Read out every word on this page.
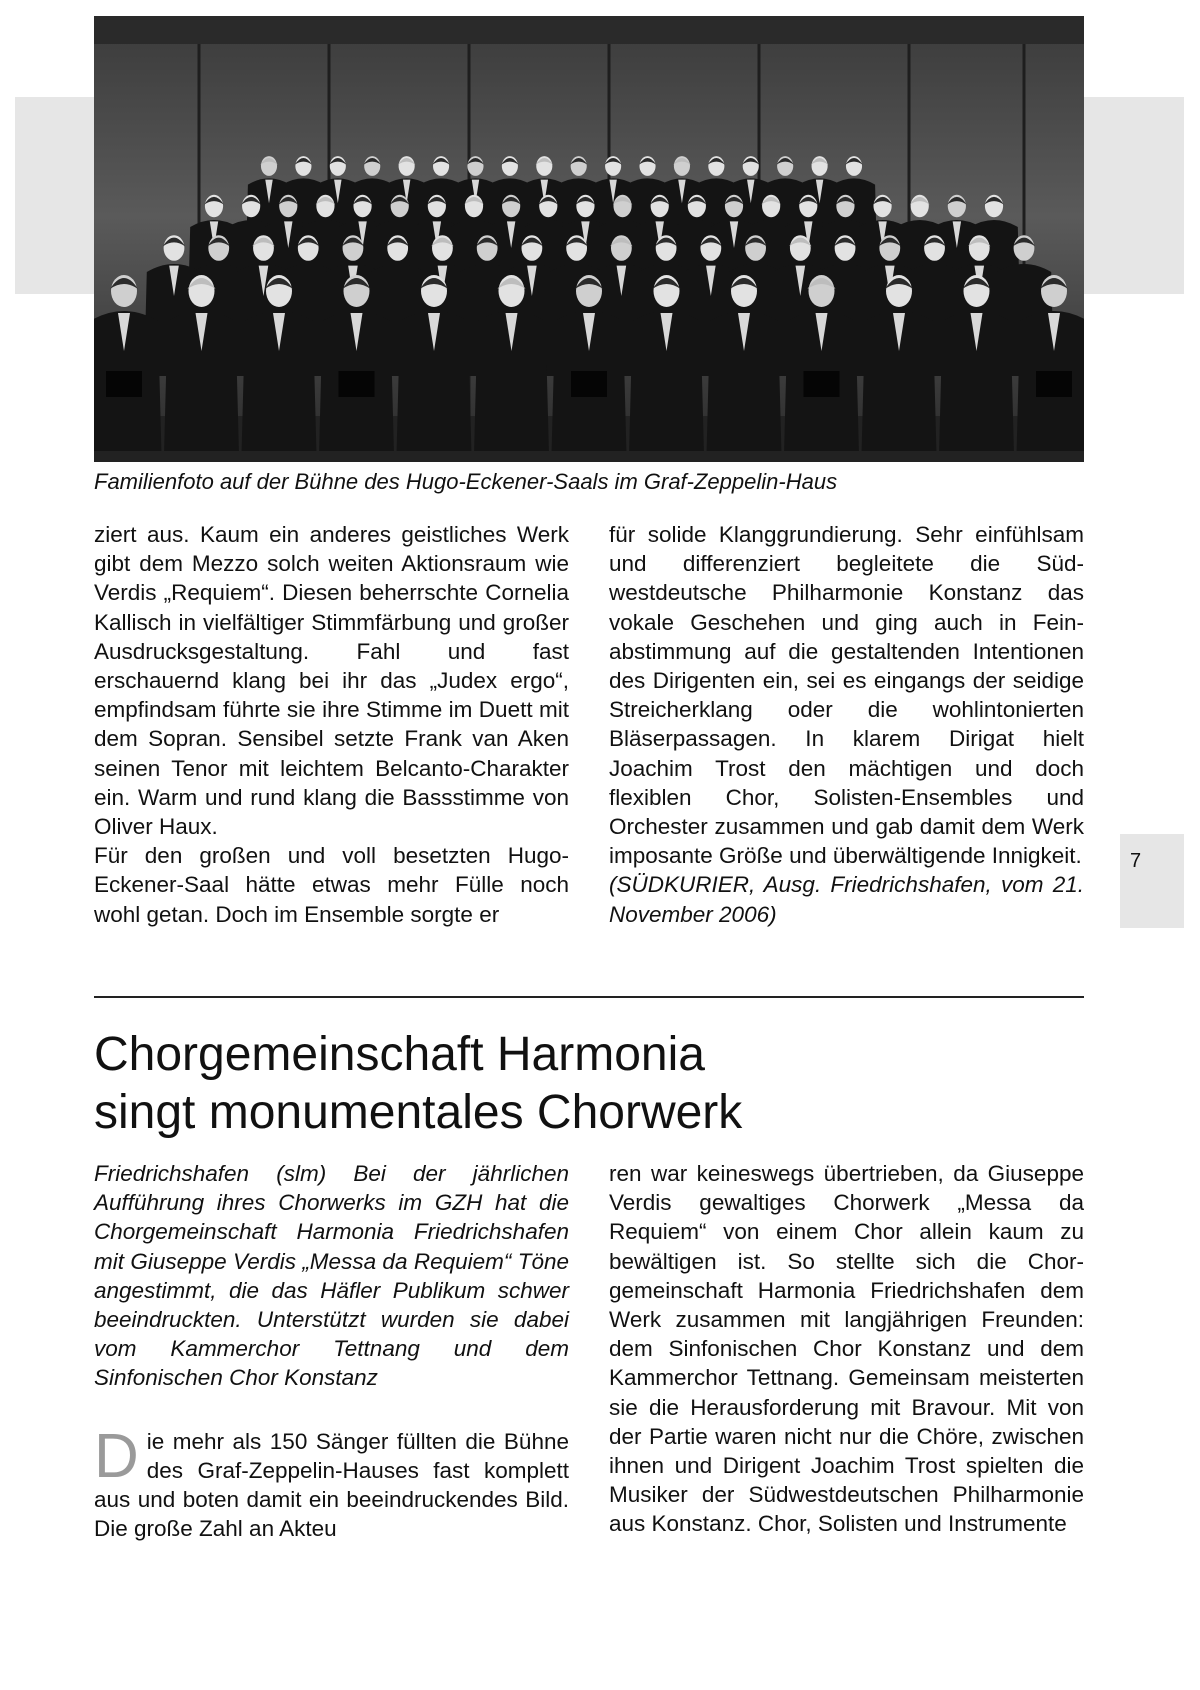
7
Familienfoto auf der Bühne des Hugo-Eckener-Saals im Graf-Zeppelin-Haus

ziert aus. Kaum ein anderes geistliches Werk gibt dem Mezzo solch weiten Aktionsraum wie Verdis „Requiem“. Diesen beherrschte Cornelia Kallisch in vielfältiger Stimmfärbung und großer Ausdrucksgestaltung. Fahl und fast erschauernd klang bei ihr das „Judex ergo“, empfindsam führte sie ihre Stimme im Duett mit dem Sopran. Sensibel setzte Frank van Aken seinen Tenor mit leichtem Belcanto-Charakter ein. Warm und rund klang die Bassstimme von Oliver Haux.

Für den großen und voll besetzten Hugo-Eckener-Saal hätte etwas mehr Fülle noch wohl getan. Doch im Ensemble sorgte er

für solide Klanggrundierung. Sehr einfühlsam und differenziert begleitete die Südwestdeutsche Philharmonie Konstanz das vokale Geschehen und ging auch in Feinabstimmung auf die gestaltenden Intentionen des Dirigenten ein, sei es eingangs der seidige Streicherklang oder die wohlintonierten Bläserpassagen. In klarem Dirigat hielt Joachim Trost den mächtigen und doch flexiblen Chor, Solisten-Ensembles und Orchester zusammen und gab damit dem Werk imposante Größe und überwältigende Innigkeit.

(SÜDKURIER, Ausg. Friedrichshafen, vom 21. November 2006)

Chorgemeinschaft Harmonia
singt monumentales Chorwerk

Friedrichshafen (slm) Bei der jährlichen Aufführung ihres Chorwerks im GZH hat die Chorgemeinschaft Harmonia Friedrichshafen mit Giuseppe Verdis „Messa da Requiem“ Töne angestimmt, die das Häfler Publikum schwer beeindruckten. Unterstützt wurden sie dabei vom Kammerchor Tettnang und dem Sinfonischen Chor Konstanz

Die mehr als 150 Sänger füllten die Bühne des Graf-Zeppelin-Hauses fast komplett aus und boten damit ein beeindruckendes Bild. Die große Zahl an Akteu

ren war keineswegs übertrieben, da Giuseppe Verdis gewaltiges Chorwerk „Messa da Requiem“ von einem Chor allein kaum zu bewältigen ist. So stellte sich die Chorgemeinschaft Harmonia Friedrichshafen dem Werk zusammen mit langjährigen Freunden: dem Sinfonischen Chor Konstanz und dem Kammerchor Tettnang. Gemeinsam meisterten sie die Herausforderung mit Bravour. Mit von der Partie waren nicht nur die Chöre, zwischen ihnen und Dirigent Joachim Trost spielten die Musiker der Südwestdeutschen Philharmonie aus Konstanz. Chor, Solisten und Instrumente
